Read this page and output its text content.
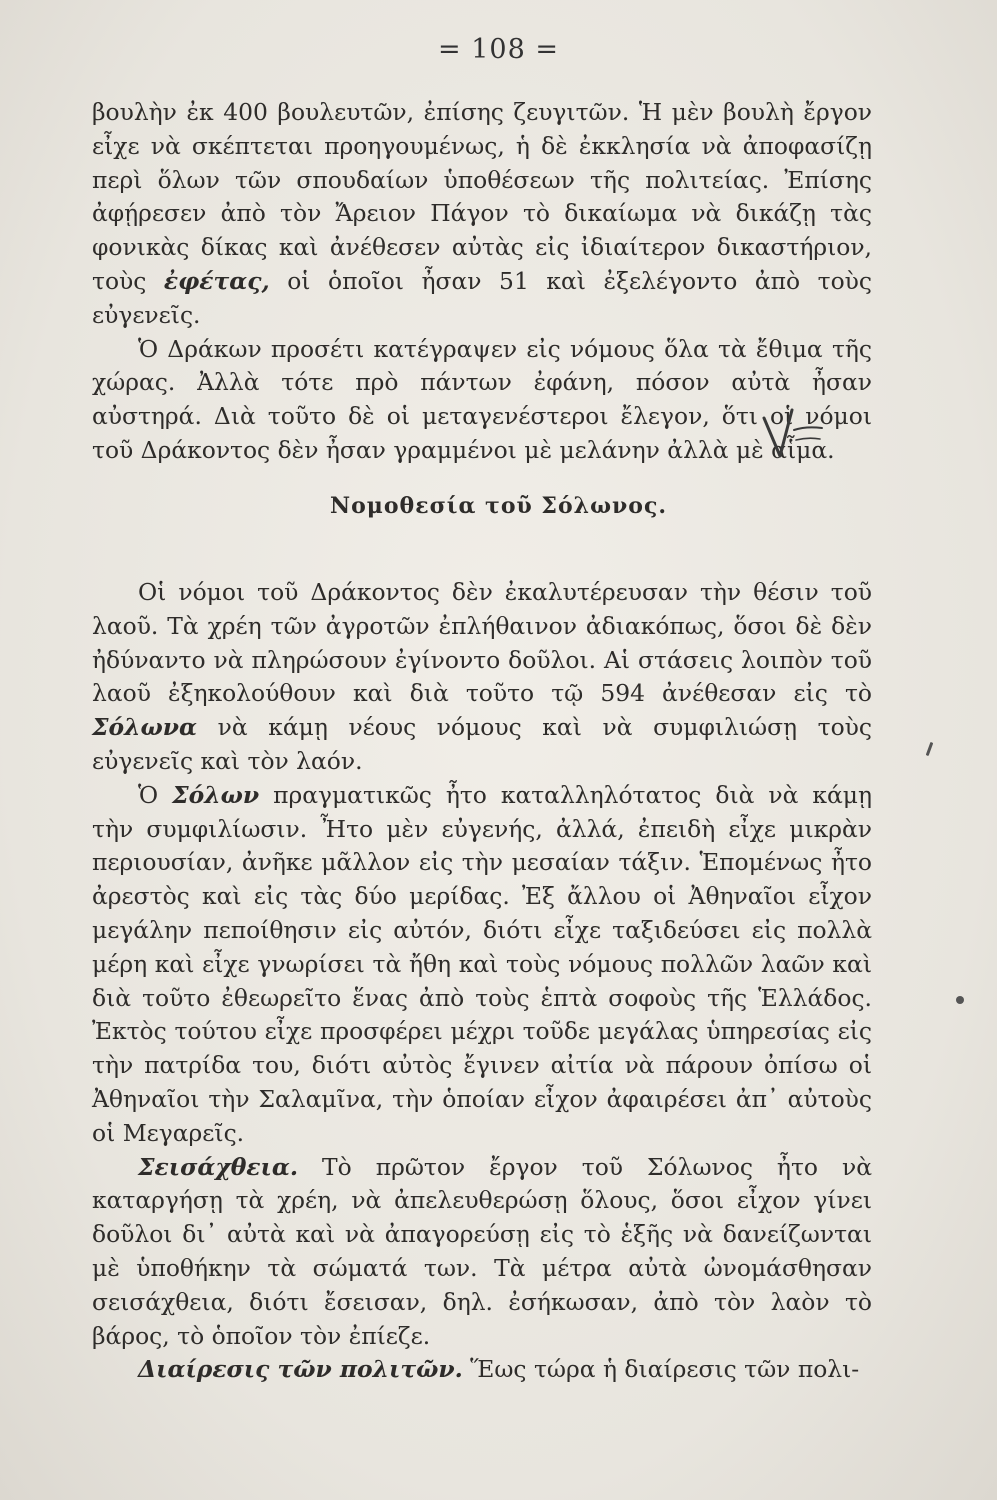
= 108 =

βουλὴν ἐκ 400 βουλευτῶν, ἐπίσης ζευγιτῶν. Ἡ μὲν βουλὴ ἔργον εἶχε νὰ σκέπτεται προηγουμένως, ἡ δὲ ἐκκλησία νὰ ἀποφασίζῃ περὶ ὅλων τῶν σπουδαίων ὑποθέσεων τῆς πολιτείας. Ἐπίσης ἀφῄρεσεν ἀπὸ τὸν Ἄρειον Πάγον τὸ δικαίωμα νὰ δικάζῃ τὰς φονικὰς δίκας καὶ ἀνέθεσεν αὐτὰς εἰς ἰδιαίτερον δικαστήριον, τοὺς ἐφέτας, οἱ ὁποῖοι ἦσαν 51 καὶ ἐξελέγοντο ἀπὸ τοὺς εὐγενεῖς.

Ὁ Δράκων προσέτι κατέγραψεν εἰς νόμους ὅλα τὰ ἔθιμα τῆς χώρας. Ἀλλὰ τότε πρὸ πάντων ἐφάνη, πόσον αὐτὰ ἦσαν αὐστηρά. Διὰ τοῦτο δὲ οἱ μεταγενέστεροι ἔλεγον, ὅτι οἱ νόμοι τοῦ Δράκοντος δὲν ἦσαν γραμμένοι μὲ μελάνην ἀλλὰ μὲ αἷμα.

Νομοθεσία τοῦ Σόλωνος.

Οἱ νόμοι τοῦ Δράκοντος δὲν ἐκαλυτέρευσαν τὴν θέσιν τοῦ λαοῦ. Τὰ χρέη τῶν ἀγροτῶν ἐπλήθαινον ἀδιακόπως, ὅσοι δὲ δὲν ἠδύναντο νὰ πληρώσουν ἐγίνοντο δοῦλοι. Αἱ στάσεις λοιπὸν τοῦ λαοῦ ἐξηκολούθουν καὶ διὰ τοῦτο τῷ 594 ἀνέθεσαν εἰς τὸ Σόλωνα νὰ κάμῃ νέους νόμους καὶ νὰ συμφιλιώσῃ τοὺς εὐγενεῖς καὶ τὸν λαόν.

Ὁ Σόλων πραγματικῶς ἦτο καταλληλότατος διὰ νὰ κάμῃ τὴν συμφιλίωσιν. Ἦτο μὲν εὐγενής, ἀλλά, ἐπειδὴ εἶχε μικρὰν περιουσίαν, ἀνῆκε μᾶλλον εἰς τὴν μεσαίαν τάξιν. Ἑπομένως ἦτο ἀρεστὸς καὶ εἰς τὰς δύο μερίδας. Ἐξ ἄλλου οἱ Ἀθηναῖοι εἶχον μεγάλην πεποίθησιν εἰς αὐτόν, διότι εἶχε ταξιδεύσει εἰς πολλὰ μέρη καὶ εἶχε γνωρίσει τὰ ἤθη καὶ τοὺς νόμους πολλῶν λαῶν καὶ διὰ τοῦτο ἐθεωρεῖτο ἕνας ἀπὸ τοὺς ἑπτὰ σοφοὺς τῆς Ἑλλάδος. Ἐκτὸς τούτου εἶχε προσφέρει μέχρι τοῦδε μεγάλας ὑπηρεσίας εἰς τὴν πατρίδα του, διότι αὐτὸς ἔγινεν αἰτία νὰ πάρουν ὀπίσω οἱ Ἀθηναῖοι τὴν Σαλαμῖνα, τὴν ὁποίαν εἶχον ἀφαιρέσει ἀπ᾽ αὐτοὺς οἱ Μεγαρεῖς.

Σεισάχθεια. Τὸ πρῶτον ἔργον τοῦ Σόλωνος ἦτο νὰ καταργήσῃ τὰ χρέη, νὰ ἀπελευθερώσῃ ὅλους, ὅσοι εἶχον γίνει δοῦλοι δι᾽ αὐτὰ καὶ νὰ ἀπαγορεύσῃ εἰς τὸ ἑξῆς νὰ δανείζωνται μὲ ὑποθήκην τὰ σώματά των. Τὰ μέτρα αὐτὰ ὠνομάσθησαν σεισάχθεια, διότι ἔσεισαν, δηλ. ἐσήκωσαν, ἀπὸ τὸν λαὸν τὸ βάρος, τὸ ὁποῖον τὸν ἐπίεζε.

Διαίρεσις τῶν πολιτῶν. Ἕως τώρα ἡ διαίρεσις τῶν πολι-
